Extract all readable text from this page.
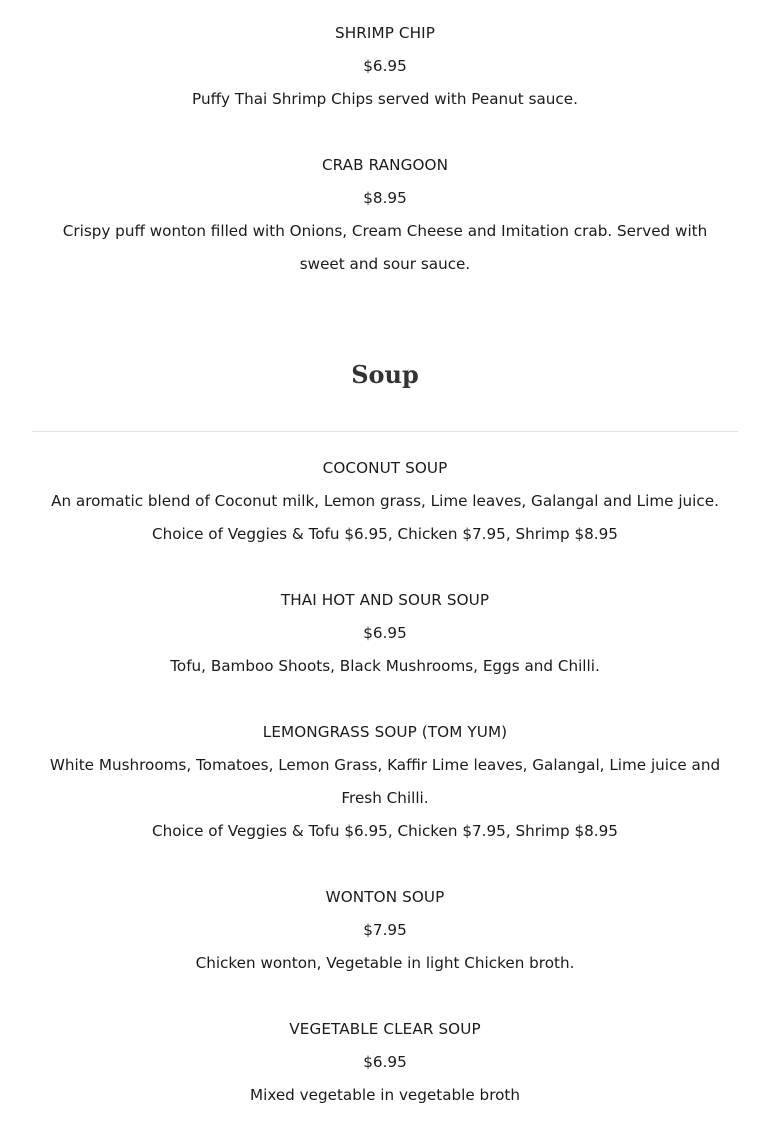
SHRIMP CHIP

$6.95

Puffy Thai Shrimp Chips served with Peanut sauce.

CRAB RANGOON

$8.95

Crispy puff wonton filled with Onions, Cream Cheese and Imitation crab. Served with sweet and sour sauce.

Soup

COCONUT SOUP

An aromatic blend of Coconut milk, Lemon grass, Lime leaves, Galangal and Lime juice.

Choice of Veggies & Tofu $6.95, Chicken $7.95, Shrimp $8.95

THAI HOT AND SOUR SOUP

$6.95

Tofu, Bamboo Shoots, Black Mushrooms, Eggs and Chilli.

LEMONGRASS SOUP (TOM YUM)

White Mushrooms, Tomatoes, Lemon Grass, Kaffir Lime leaves, Galangal, Lime juice and Fresh Chilli.

Choice of Veggies & Tofu $6.95, Chicken $7.95, Shrimp $8.95

WONTON SOUP

$7.95

Chicken wonton, Vegetable in light Chicken broth.

VEGETABLE CLEAR SOUP

$6.95

Mixed vegetable in vegetable broth
